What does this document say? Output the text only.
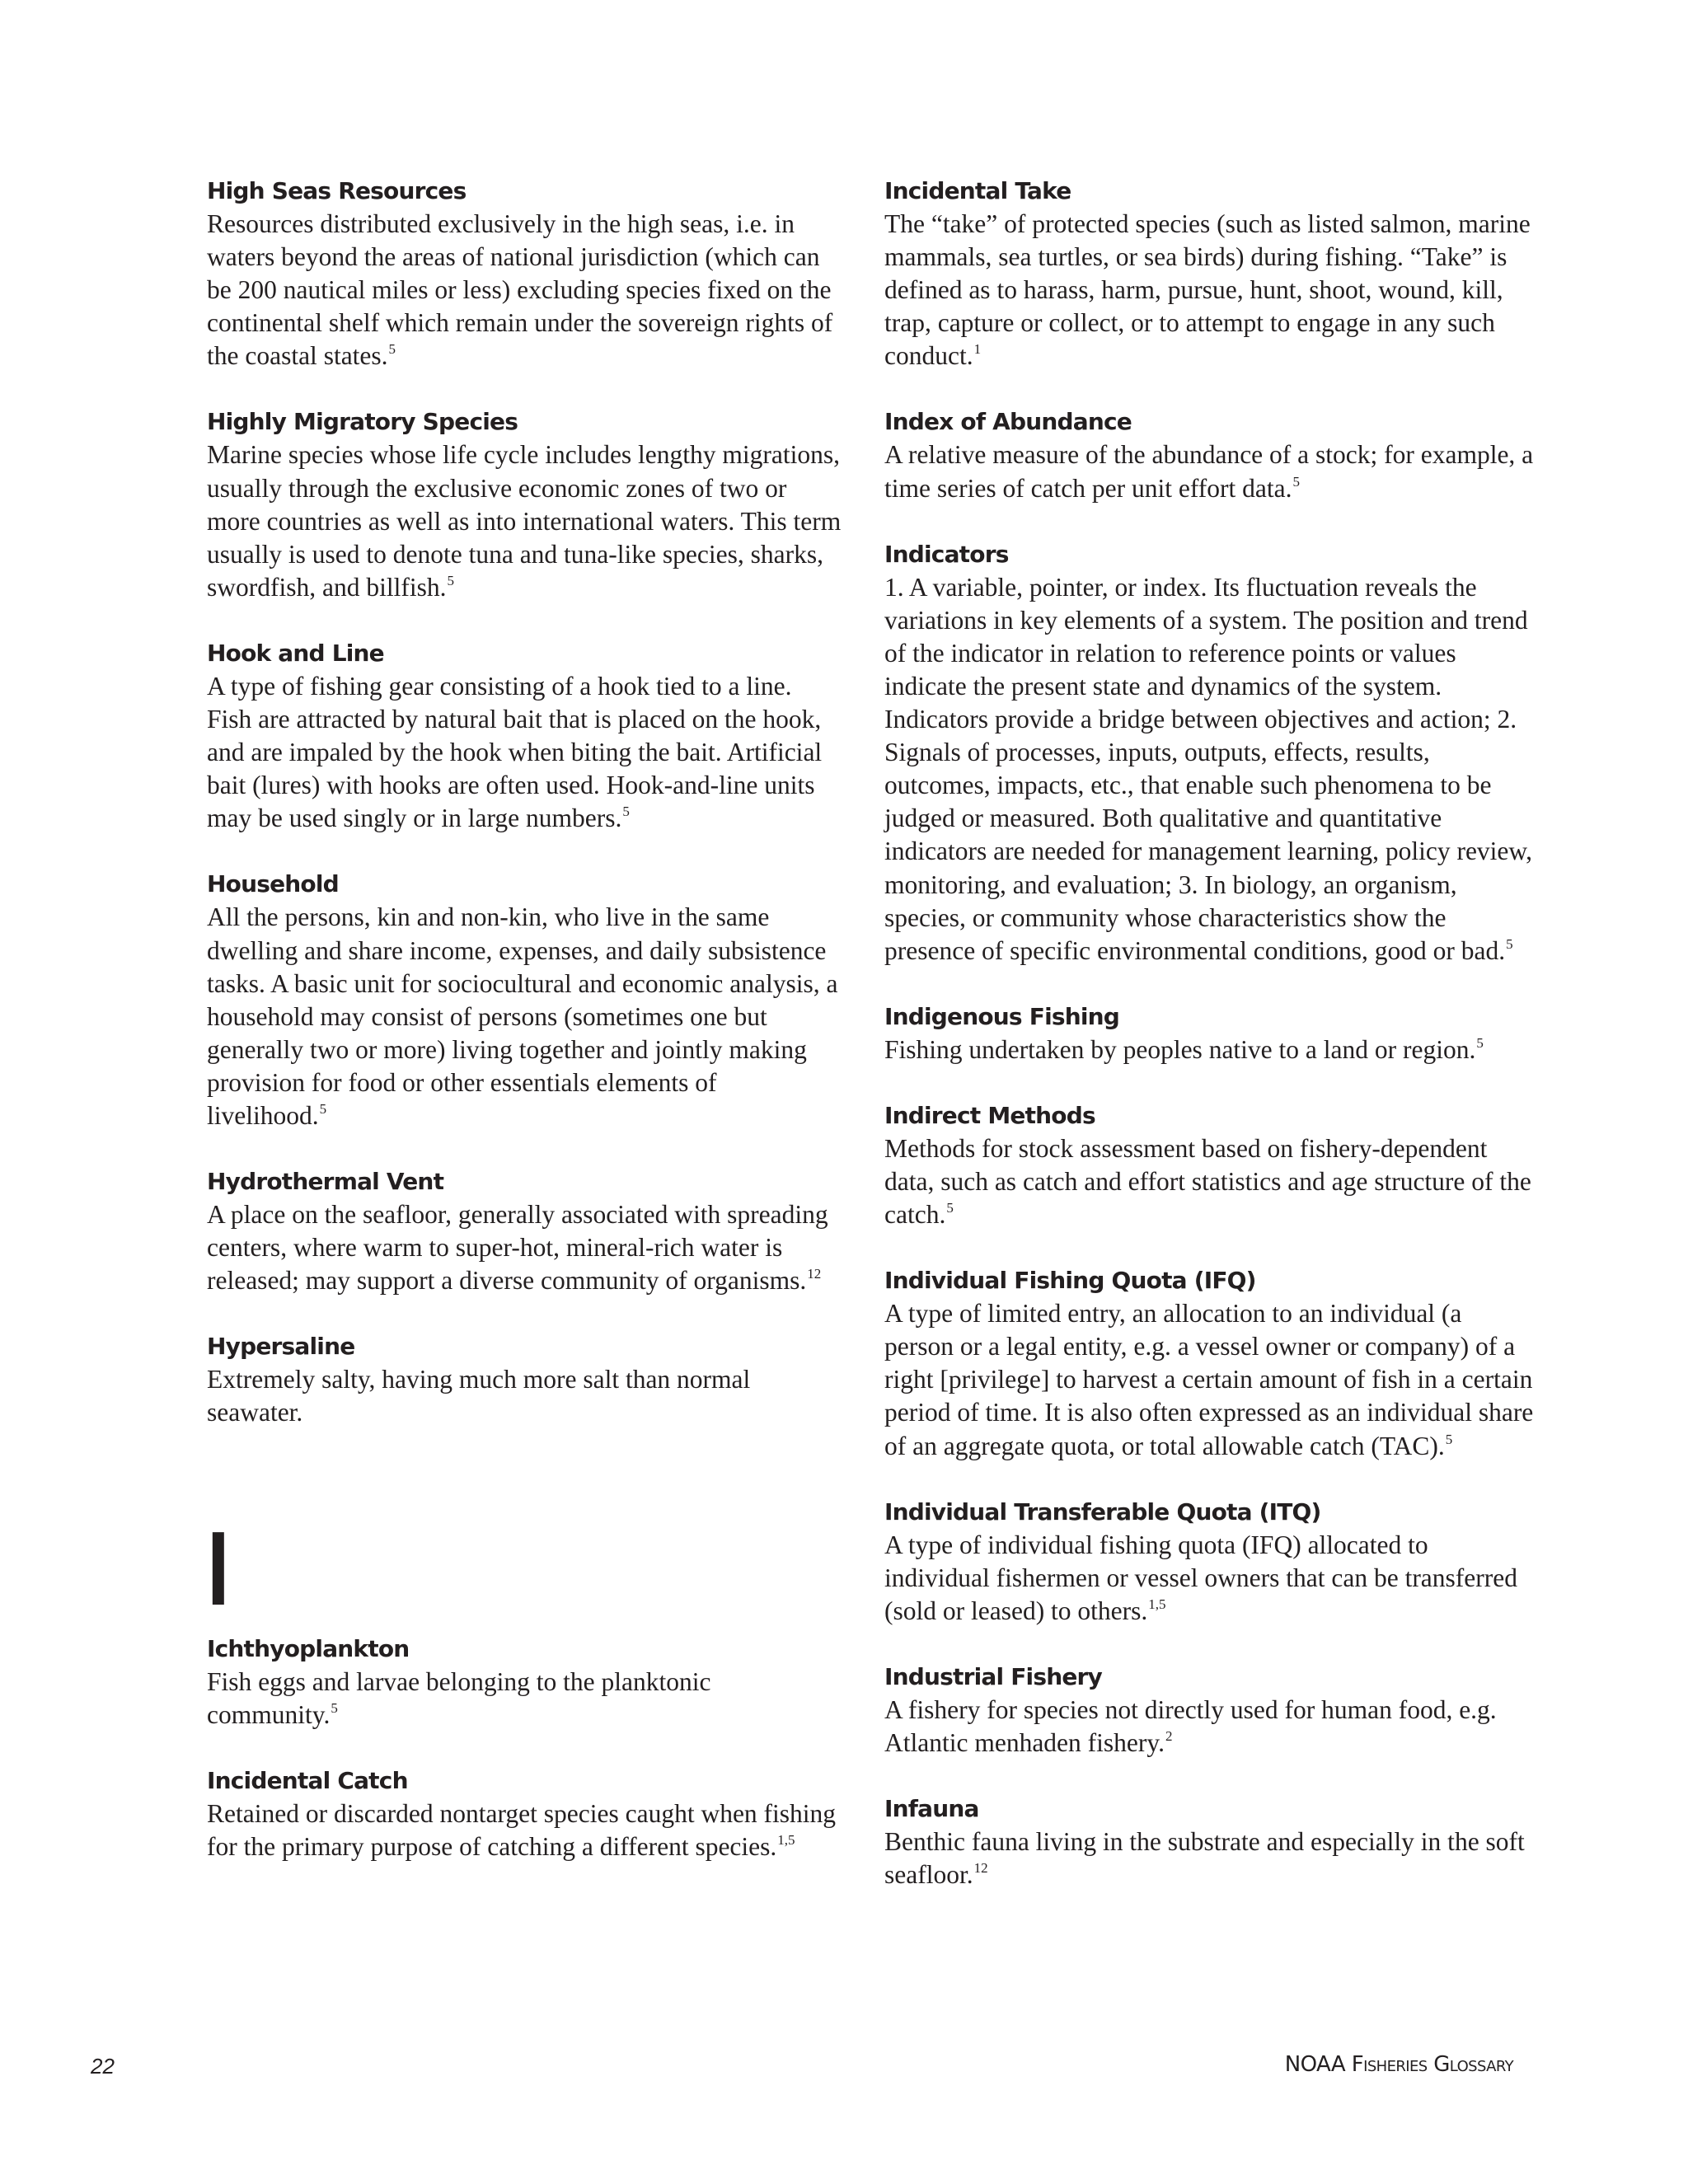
High Seas Resources
Resources distributed exclusively in the high seas, i.e. in waters beyond the areas of national jurisdiction (which can be 200 nautical miles or less) excluding species fixed on the continental shelf which remain under the sovereign rights of the coastal states.$^5$
Highly Migratory Species
Marine species whose life cycle includes lengthy migrations, usually through the exclusive economic zones of two or more countries as well as into international waters. This term usually is used to denote tuna and tuna-like species, sharks, swordfish, and billfish.$^5$
Hook and Line
A type of fishing gear consisting of a hook tied to a line. Fish are attracted by natural bait that is placed on the hook, and are impaled by the hook when biting the bait. Artificial bait (lures) with hooks are often used. Hook-and-line units may be used singly or in large numbers.$^5$
Household
All the persons, kin and non-kin, who live in the same dwelling and share income, expenses, and daily subsistence tasks. A basic unit for sociocultural and economic analysis, a household may consist of persons (sometimes one but generally two or more) living together and jointly making provision for food or other essentials elements of livelihood.$^5$
Hydrothermal Vent
A place on the seafloor, generally associated with spreading centers, where warm to super-hot, mineral-rich water is released; may support a diverse community of organisms.$^{12}$
Hypersaline
Extremely salty, having much more salt than normal seawater.
I
Ichthyoplankton
Fish eggs and larvae belonging to the planktonic community.$^5$
Incidental Catch
Retained or discarded nontarget species caught when fishing for the primary purpose of catching a different species.$^{1,5}$
Incidental Take
The “take” of protected species (such as listed salmon, marine mammals, sea turtles, or sea birds) during fishing. “Take” is defined as to harass, harm, pursue, hunt, shoot, wound, kill, trap, capture or collect, or to attempt to engage in any such conduct.$^1$
Index of Abundance
A relative measure of the abundance of a stock; for example, a time series of catch per unit effort data.$^5$
Indicators
1. A variable, pointer, or index. Its fluctuation reveals the variations in key elements of a system. The position and trend of the indicator in relation to reference points or values indicate the present state and dynamics of the system. Indicators provide a bridge between objectives and action; 2. Signals of processes, inputs, outputs, effects, results, outcomes, impacts, etc., that enable such phenomena to be judged or measured. Both qualitative and quantitative indicators are needed for management learning, policy review, monitoring, and evaluation; 3. In biology, an organism, species, or community whose characteristics show the presence of specific environmental conditions, good or bad.$^5$
Indigenous Fishing
Fishing undertaken by peoples native to a land or region.$^5$
Indirect Methods
Methods for stock assessment based on fishery-dependent data, such as catch and effort statistics and age structure of the catch.$^5$
Individual Fishing Quota (IFQ)
A type of limited entry, an allocation to an individual (a person or a legal entity, e.g. a vessel owner or company) of a right [privilege] to harvest a certain amount of fish in a certain period of time. It is also often expressed as an individual share of an aggregate quota, or total allowable catch (TAC).$^5$
Individual Transferable Quota (ITQ)
A type of individual fishing quota (IFQ) allocated to individual fishermen or vessel owners that can be transferred (sold or leased) to others.$^{1,5}$
Industrial Fishery
A fishery for species not directly used for human food, e.g. Atlantic menhaden fishery.$^2$
Infauna
Benthic fauna living in the substrate and especially in the soft seafloor.$^{12}$
22	NOAA Fisheries Glossary
